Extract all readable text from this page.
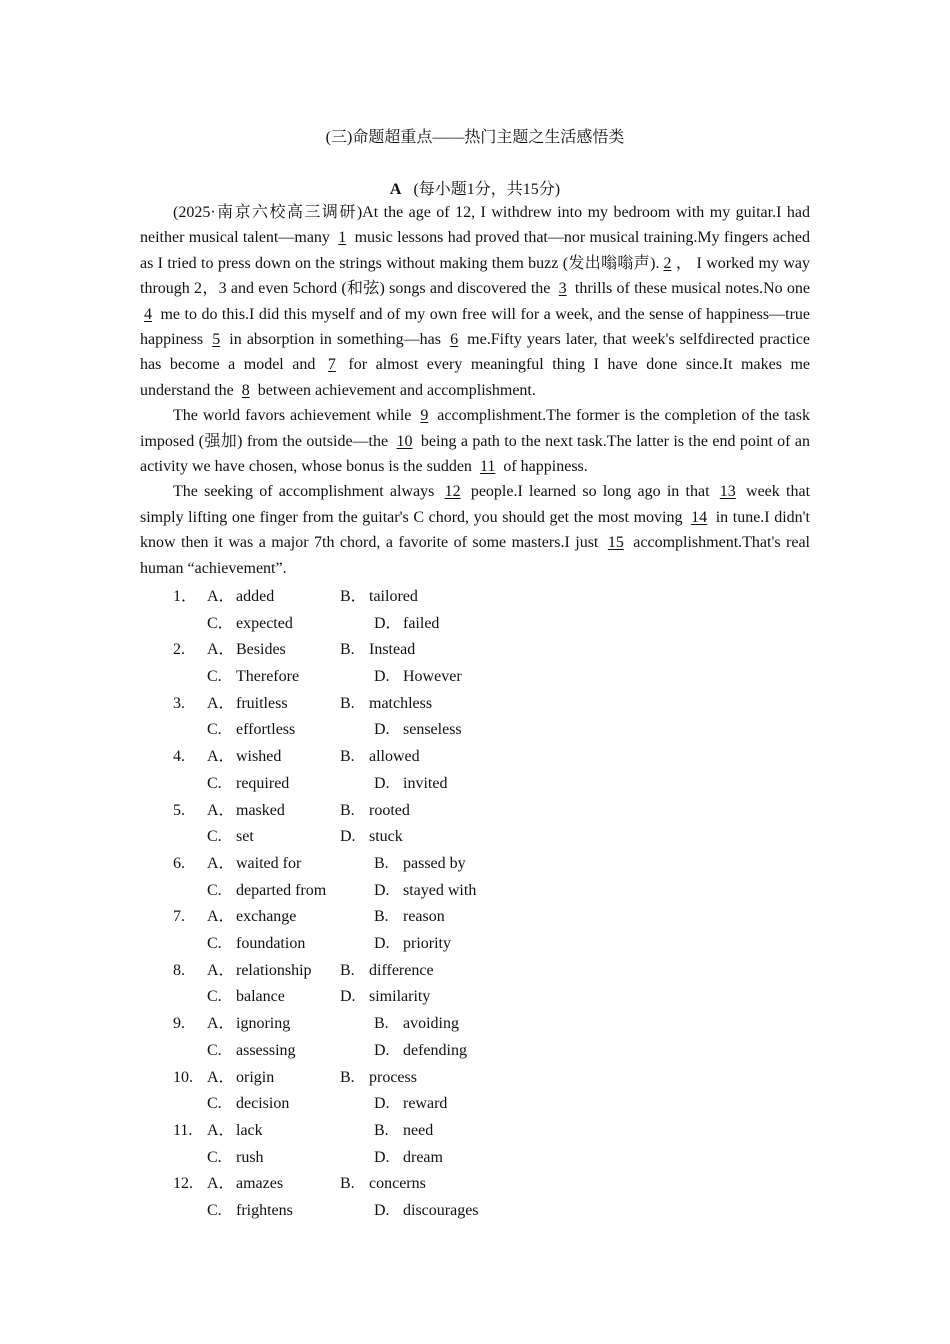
(三)命题超重点——热门主题之生活感悟类
A (每小题1分，共15分)

(2025·南京六校高三调研)At the age of 12, I withdrew into my bedroom with my guitar.I had neither musical talent—many 1 music lessons had proved that—nor musical training.My fingers ached as I tried to press down on the strings without making them buzz (发出嗡嗡声). 2 ， I worked my way through 2，3 and even 5chord (和弦) songs and discovered the 3 thrills of these musical notes.No one 4 me to do this.I did this myself and of my own free will for a week, and the sense of happiness—true happiness 5 in absorption in something—has 6 me.Fifty years later, that week's selfdirected practice has become a model and 7 for almost every meaningful thing I have done since.It makes me understand the 8 between achievement and accomplishment.

The world favors achievement while 9 accomplishment.The former is the completion of the task imposed (强加) from the outside—the 10 being a path to the next task.The latter is the end point of an activity we have chosen, whose bonus is the sudden 11 of happiness.

The seeking of accomplishment always 12 people.I learned so long ago in that 13 week that simply lifting one finger from the guitar's C chord, you should get the most moving 14 in tune.I didn't know then it was a major 7th chord, a favorite of some masters.I just 15 accomplishment.That's real human “achievement”.

1． A．added	B． tailored
C． expected	D．failed
2. A．Besides	B. Instead
C. Therefore	D. However
3. A．fruitless	B. matchless
C. effortless	D. senseless
4. A．wished	B. allowed
C. required	D. invited
5. A．masked	B. rooted
C. set	D. stuck
6. A．waited for	B. passed by
C. departed from	D. stayed with
7. A．exchange	B. reason
C. foundation	D. priority
8. A．relationship B. difference
C. balance	D. similarity
9. A．ignoring	B. avoiding
C. assessing	D. defending
10. A．origin	B. process
C. decision	D. reward
11. A．lack	B. need
C. rush	D. dream
12. A．amazes	B. concerns
C. frightens	D. discourages
